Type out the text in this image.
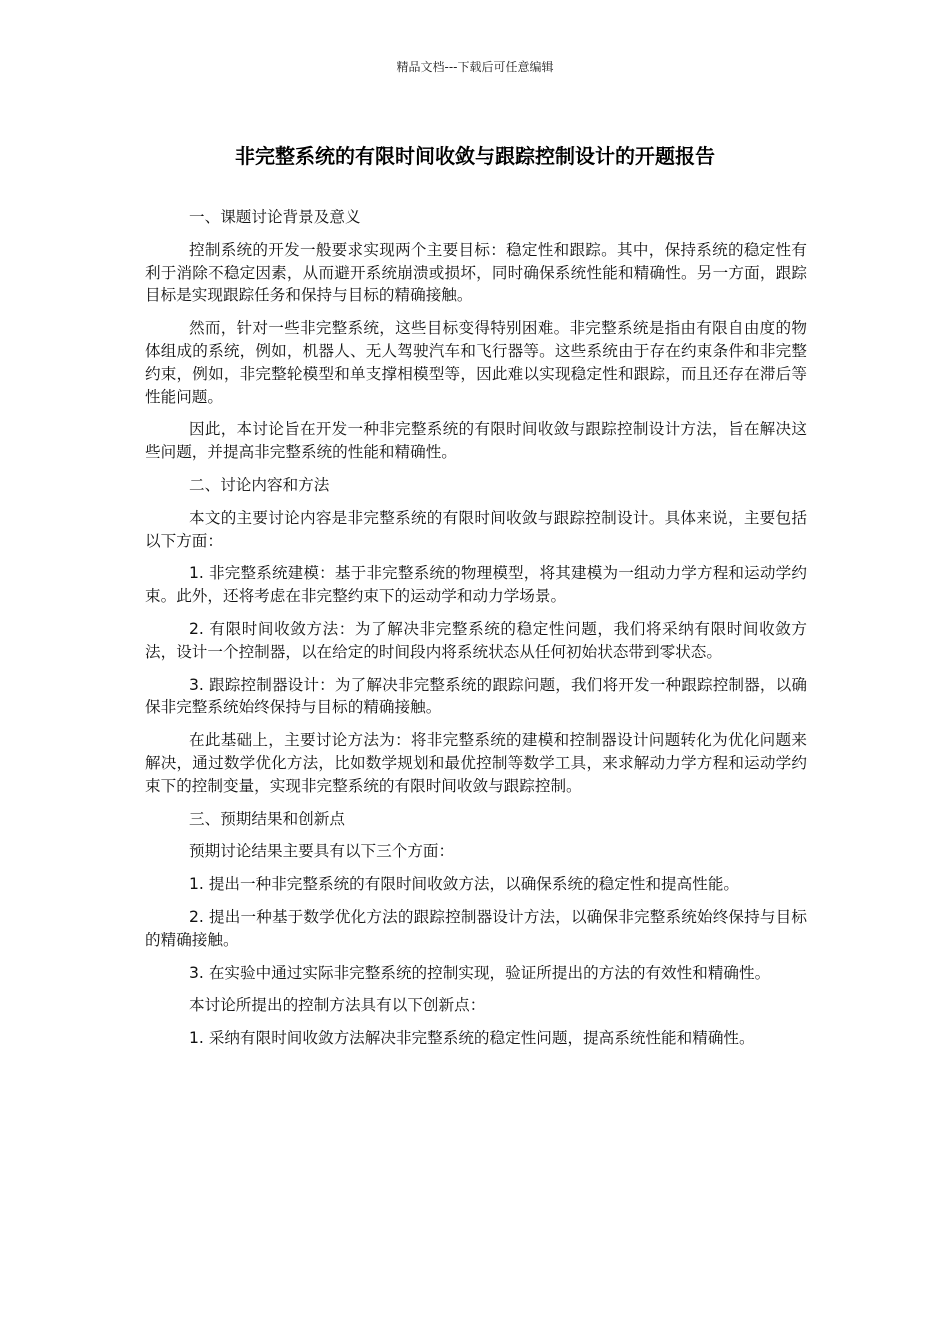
精品文档---下载后可任意编辑
非完整系统的有限时间收敛与跟踪控制设计的开题报告

一、课题讨论背景及意义

控制系统的开发一般要求实现两个主要目标：稳定性和跟踪。其中，保持系统的稳定性有利于消除不稳定因素，从而避开系统崩溃或损坏，同时确保系统性能和精确性。另一方面，跟踪目标是实现跟踪任务和保持与目标的精确接触。

然而，针对一些非完整系统，这些目标变得特别困难。非完整系统是指由有限自由度的物体组成的系统，例如，机器人、无人驾驶汽车和飞行器等。这些系统由于存在约束条件和非完整约束，例如，非完整轮模型和单支撑相模型等，因此难以实现稳定性和跟踪，而且还存在滞后等性能问题。

因此，本讨论旨在开发一种非完整系统的有限时间收敛与跟踪控制设计方法，旨在解决这些问题，并提高非完整系统的性能和精确性。

二、讨论内容和方法

本文的主要讨论内容是非完整系统的有限时间收敛与跟踪控制设计。具体来说，主要包括以下方面：

1. 非完整系统建模：基于非完整系统的物理模型，将其建模为一组动力学方程和运动学约束。此外，还将考虑在非完整约束下的运动学和动力学场景。

2. 有限时间收敛方法：为了解决非完整系统的稳定性问题，我们将采纳有限时间收敛方法，设计一个控制器，以在给定的时间段内将系统状态从任何初始状态带到零状态。

3. 跟踪控制器设计：为了解决非完整系统的跟踪问题，我们将开发一种跟踪控制器，以确保非完整系统始终保持与目标的精确接触。

在此基础上，主要讨论方法为：将非完整系统的建模和控制器设计问题转化为优化问题来解决，通过数学优化方法，比如数学规划和最优控制等数学工具，来求解动力学方程和运动学约束下的控制变量，实现非完整系统的有限时间收敛与跟踪控制。

三、预期结果和创新点

预期讨论结果主要具有以下三个方面：

1. 提出一种非完整系统的有限时间收敛方法，以确保系统的稳定性和提高性能。

2. 提出一种基于数学优化方法的跟踪控制器设计方法，以确保非完整系统始终保持与目标的精确接触。

3. 在实验中通过实际非完整系统的控制实现，验证所提出的方法的有效性和精确性。

本讨论所提出的控制方法具有以下创新点：

1. 采纳有限时间收敛方法解决非完整系统的稳定性问题，提高系统性能和精确性。
